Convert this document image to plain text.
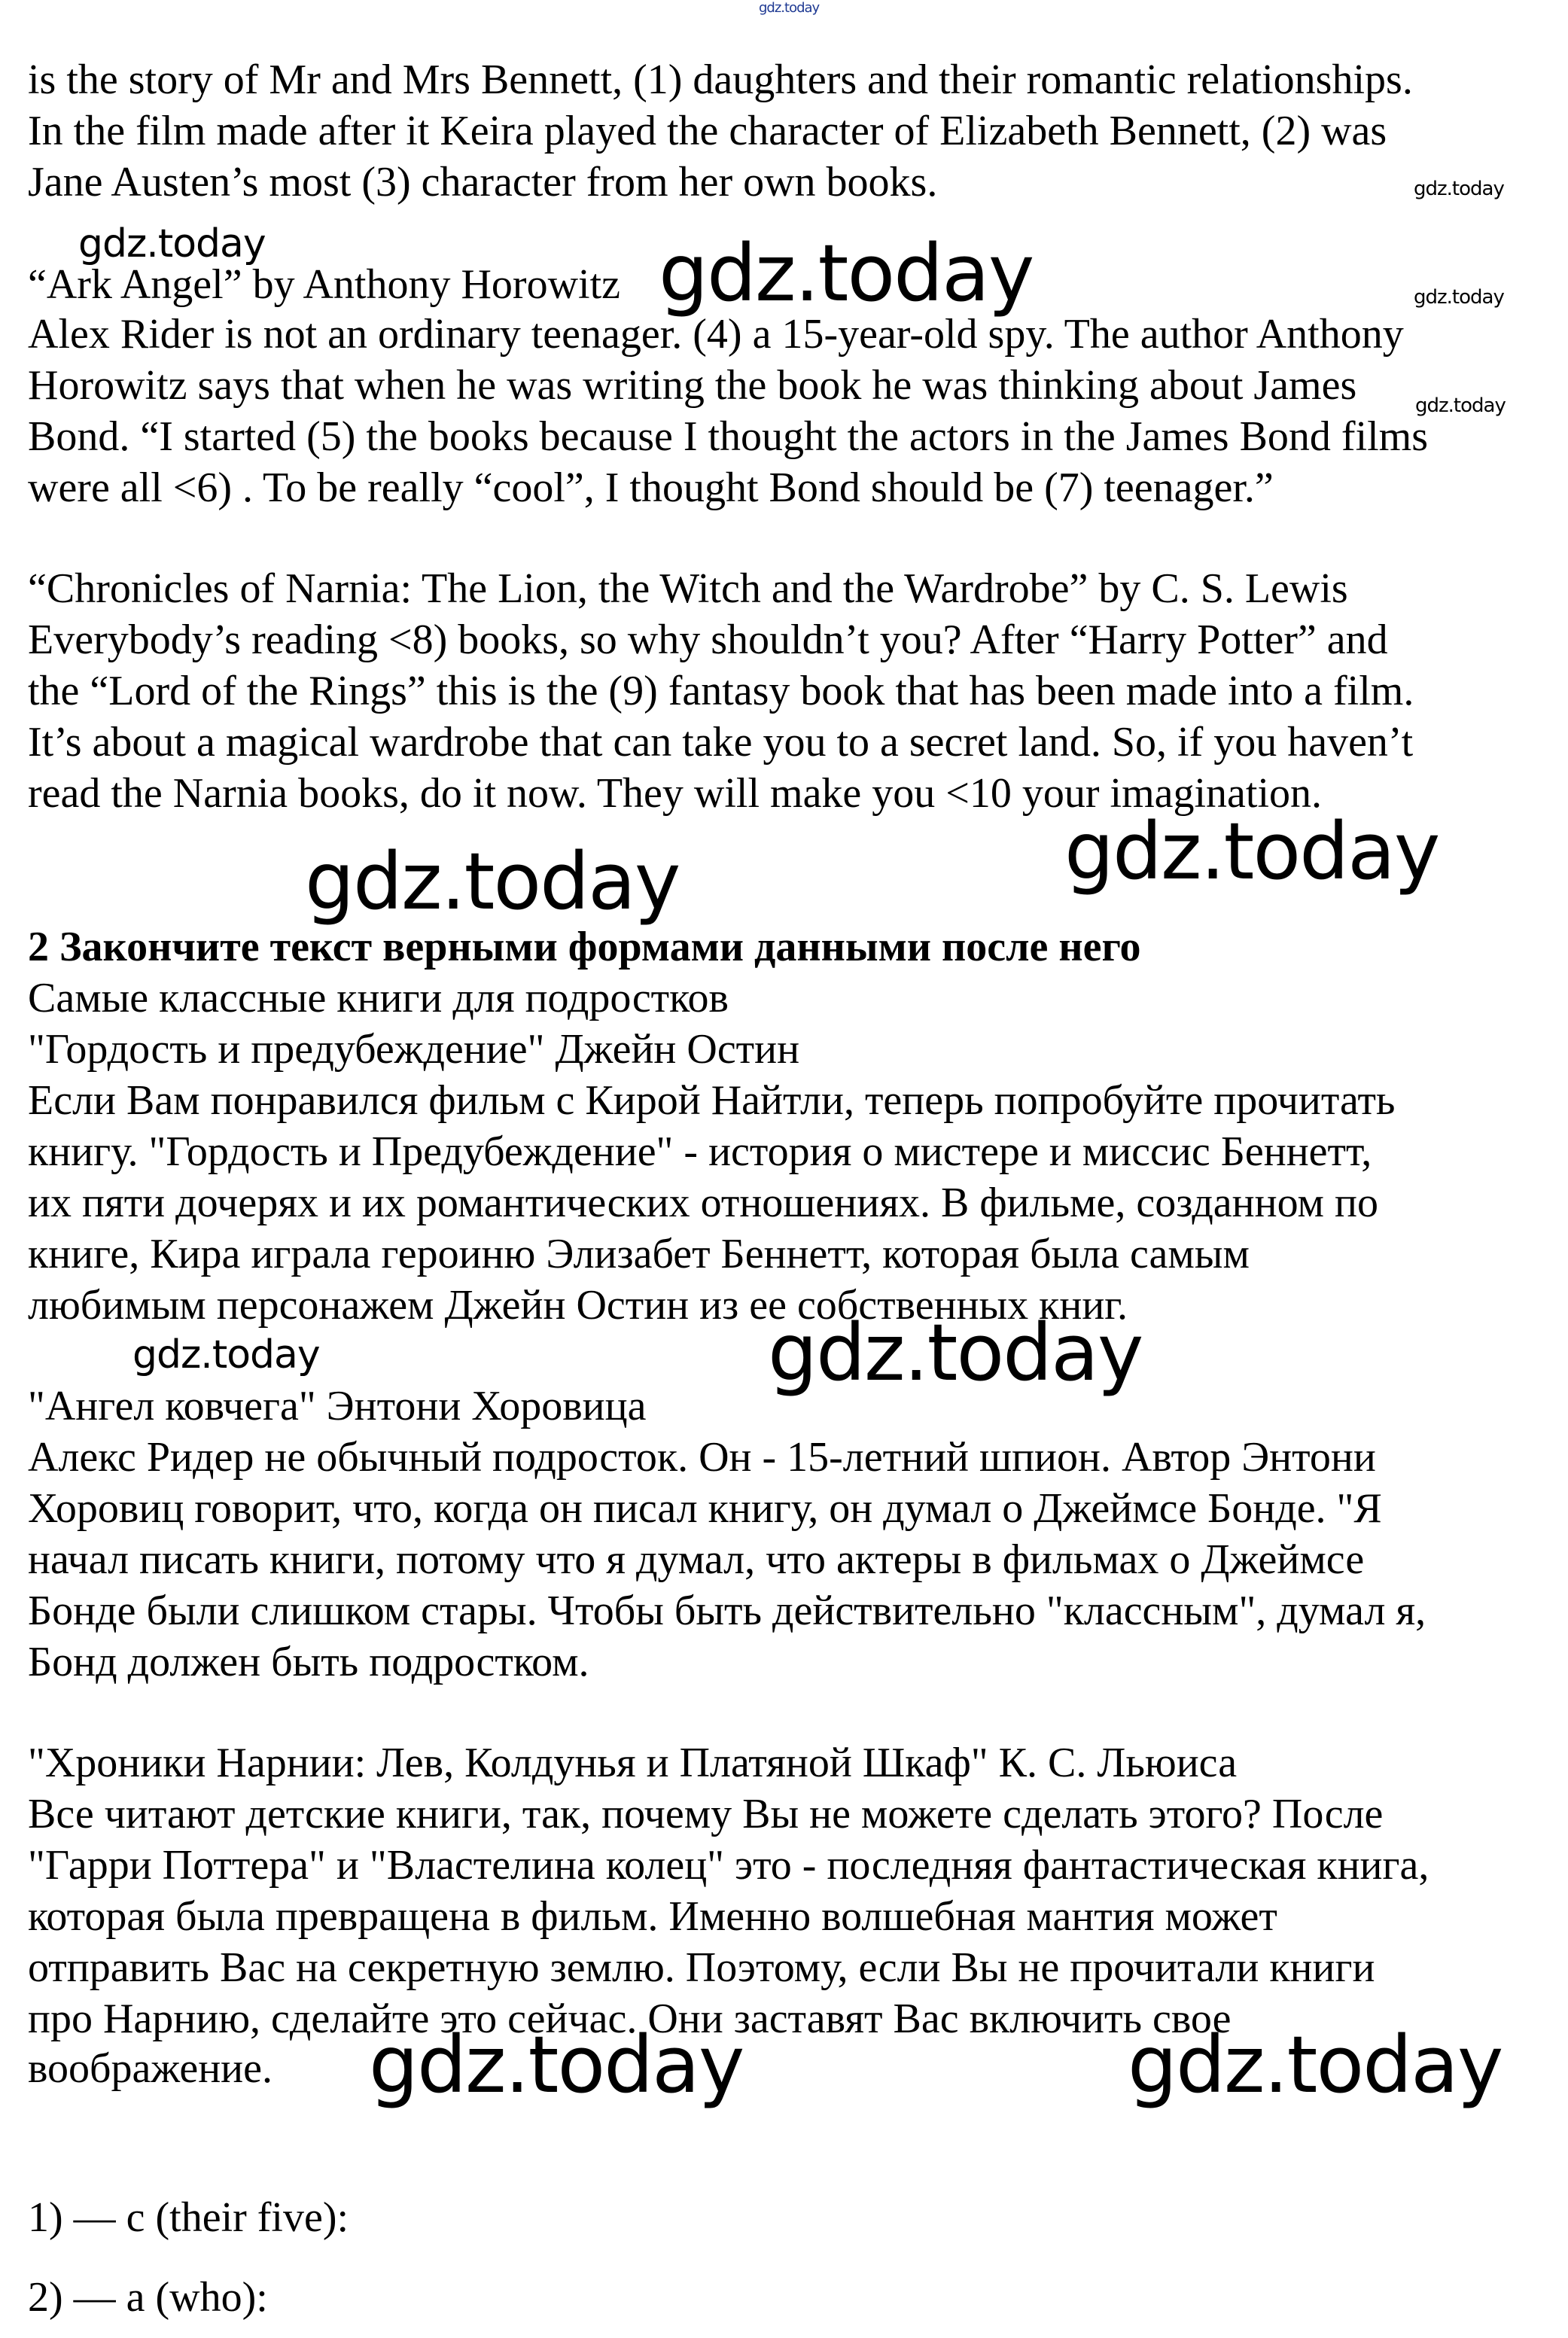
gdz.today

is the story of Mr and Mrs Bennett, (1) daughters and their romantic relationships.

In the film made after it Keira played the character of Elizabeth Bennett, (2) was

Jane Austen’s most (3) character from her own books.	gdz.today
gdz.today

“Ark Angel” by Anthony Horowitz gdz.today	gdz.today

Alex Rider is not an ordinary teenager. (4) a 15-year-old spy. The author Anthony

Horowitz says that when he was writing the book he was thinking about James	gdz.today

Bond. “I started (5) the books because I thought the actors in the James Bond films

were all <6) . To be really “cool”, I thought Bond should be (7) teenager.”

“Chronicles of Narnia: The Lion, the Witch and the Wardrobe” by C. S. Lewis

Everybody’s reading <8) books, so why shouldn’t you? After “Harry Potter” and

the “Lord of the Rings” this is the (9) fantasy book that has been made into a film.

It’s about a magical wardrobe that can take you to a secret land. So, if you haven’t

read the Narnia books, do it now. They will make you <10 your imagination.

gdz.today	gdz.today

2 Закончите текст верными формами данными после него

Самые классные книги для подростков

"Гордость и предубеждение" Джейн Остин

Если Вам понравился фильм с Кирой Найтли, теперь попробуйте прочитать

книгу. "Гордость и Предубеждение" - история о мистере и миссис Беннетт,

их пяти дочерях и их романтических отношениях. В фильме, созданном по

книге, Кира играла героиню Элизабет Беннетт, которая была самым

любимым персонажем Джейн Остин из ее собственных книг.

gdz.today	gdz.today

"Ангел ковчега" Энтони Хоровица

Алекс Ридер не обычный подросток. Он - 15-летний шпион. Автор Энтони

Хоровиц говорит, что, когда он писал книгу, он думал о Джеймсе Бонде. "Я

начал писать книги, потому что я думал, что актеры в фильмах о Джеймсе

Бонде были слишком стары. Чтобы быть действительно "классным", думал я,

Бонд должен быть подростком.

"Хроники Нарнии: Лев, Колдунья и Платяной Шкаф" К. С. Льюиса

Все читают детские книги, так, почему Вы не можете сделать этого? После

"Гарри Поттера" и "Властелина колец" это - последняя фантастическая книга,

которая была превращена в фильм. Именно волшебная мантия может

отправить Вас на секретную землю. Поэтому, если Вы не прочитали книги

про Нарнию, сделайте это сейчас. Они заставят Вас включить свое

воображение. gdz.today	gdz.today

1) — с (their five):

2) — a (who):
